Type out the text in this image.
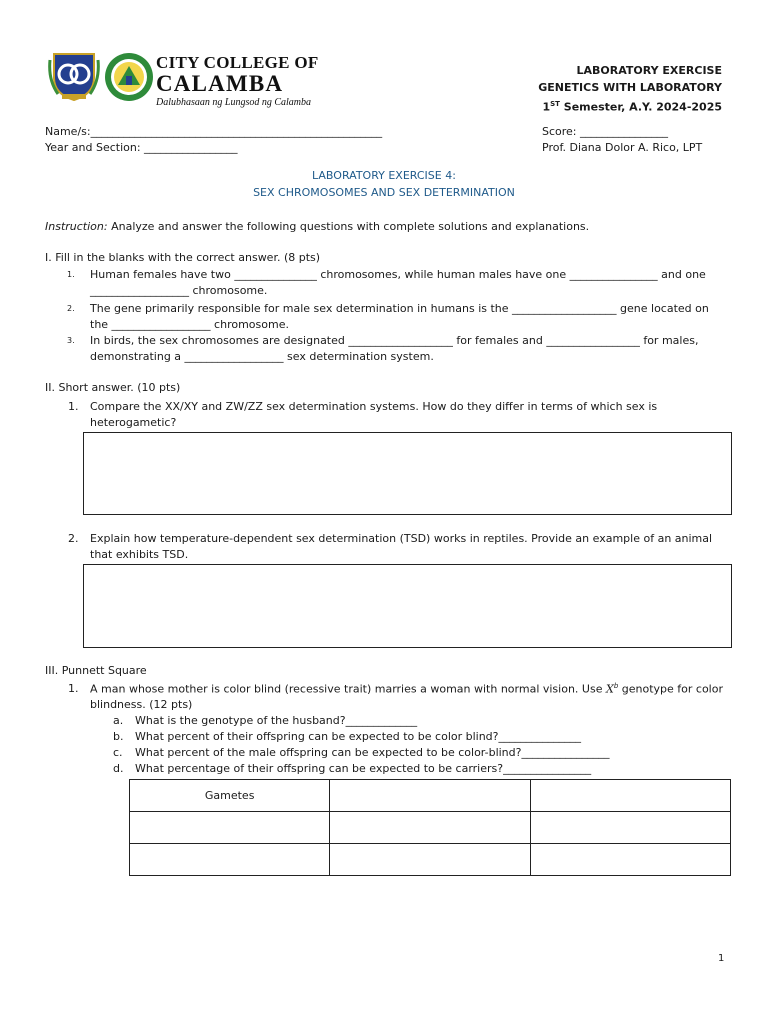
CITY COLLEGE OF
CALAMBA
Dalubhasaan ng Lungsod ng Calamba
LABORATORY EXERCISE
GENETICS WITH LABORATORY
1ST Semester, A.Y. 2024-2025
Name/s:_____________________________________________________
Year and Section: _________________
Score: ________________
Prof. Diana Dolor A. Rico, LPT
LABORATORY EXERCISE 4:
SEX CHROMOSOMES AND SEX DETERMINATION
Instruction: Analyze and answer the following questions with complete solutions and explanations.
I. Fill in the blanks with the correct answer. (8 pts)
1. Human females have two _______________ chromosomes, while human males have one ________________ and one
__________________ chromosome.
2. The gene primarily responsible for male sex determination in humans is the ___________________ gene located on
the __________________ chromosome.
3. In birds, the sex chromosomes are designated ___________________ for females and _________________ for males,
demonstrating a __________________ sex determination system.
II. Short answer. (10 pts)
1. Compare the XX/XY and ZW/ZZ sex determination systems. How do they differ in terms of which sex is
heterogametic?
2. Explain how temperature-dependent sex determination (TSD) works in reptiles. Provide an example of an animal
that exhibits TSD.
III. Punnett Square
1. A man whose mother is color blind (recessive trait) marries a woman with normal vision. Use $X^b$ genotype for color
blindness. (12 pts)
a. What is the genotype of the husband?_____________
b. What percent of their offspring can be expected to be color blind?_______________
c. What percent of the male offspring can be expected to be color-blind?________________
d. What percentage of their offspring can be expected to be carriers?________________
Gametes		

1
